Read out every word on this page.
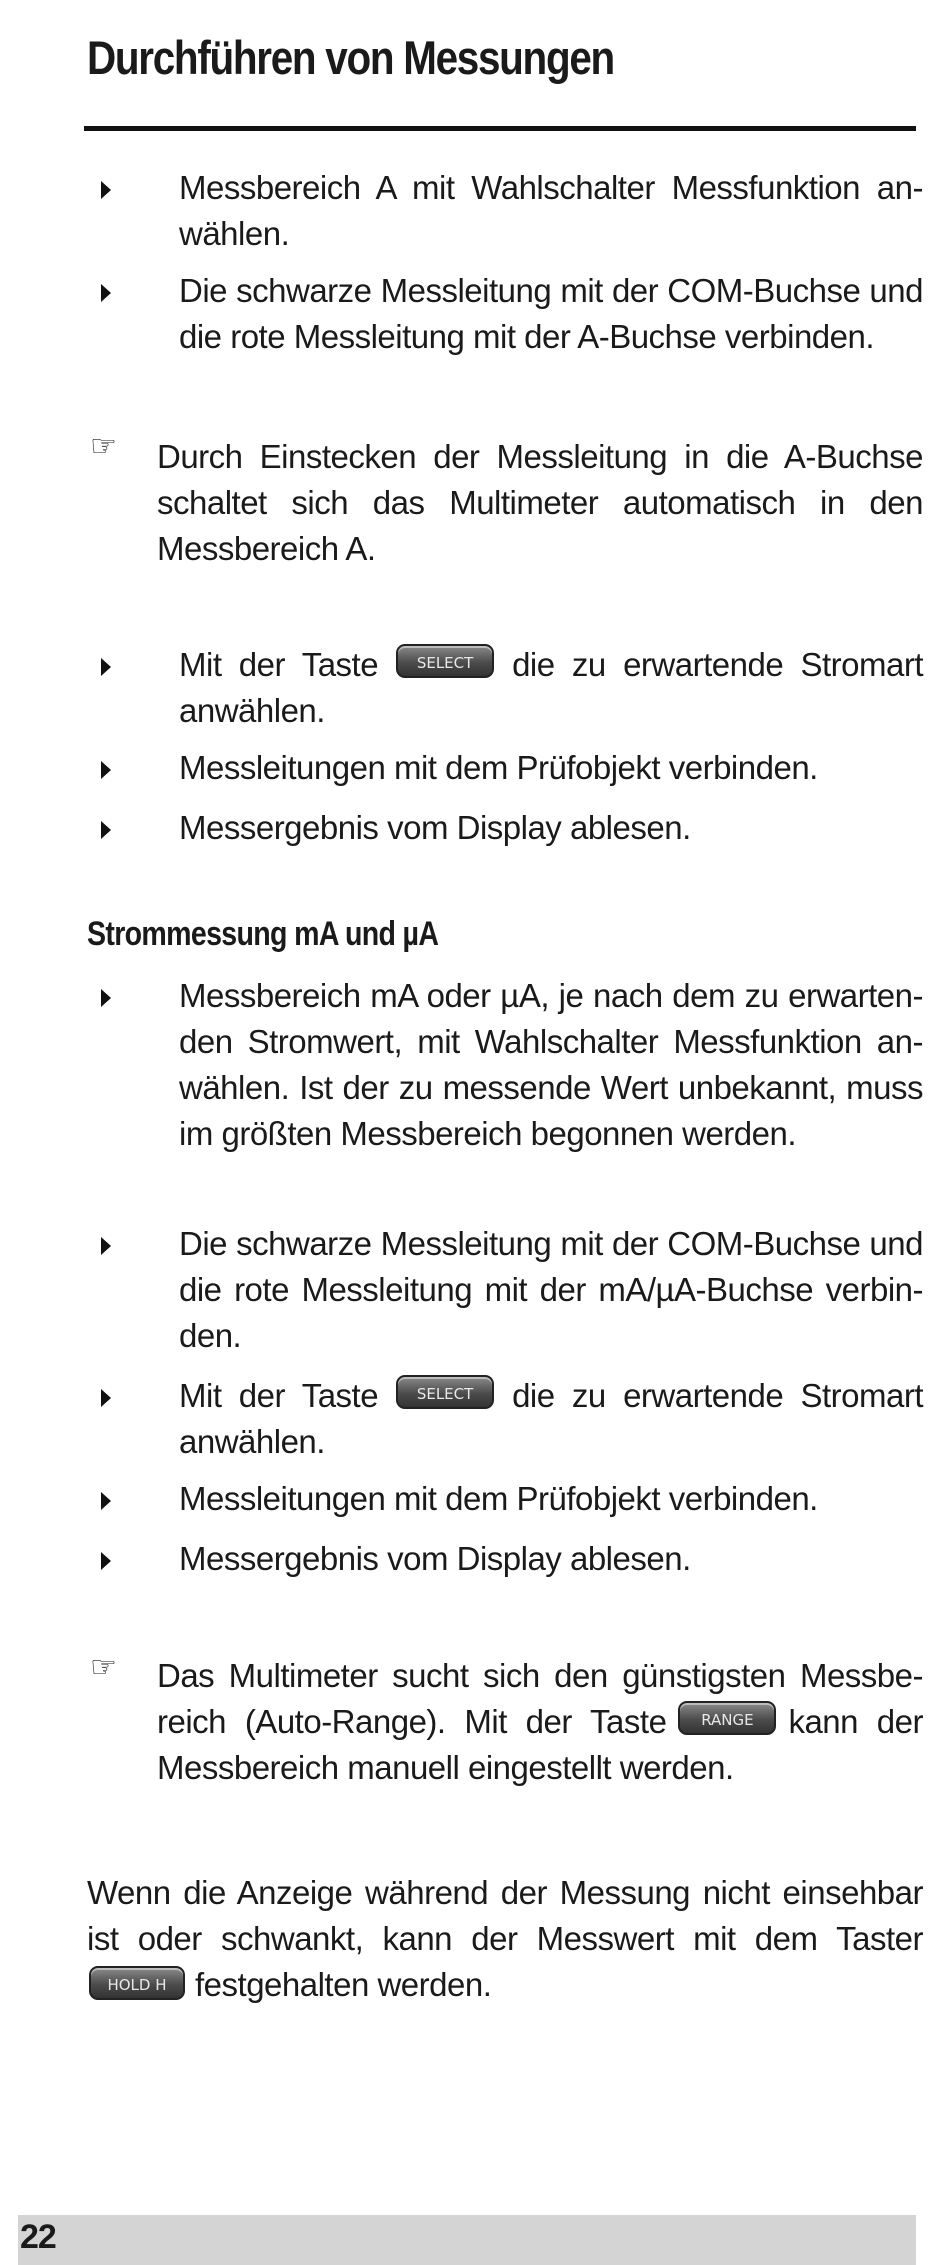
Durchführen von Messungen
Messbereich A mit Wahlschalter Messfunktion an-wählen.
Die schwarze Messleitung mit der COM-Buchse und die rote Messleitung mit der A-Buchse verbinden.
☞ Durch Einstecken der Messleitung in die A-Buchse schaltet sich das Multimeter automatisch in den Messbereich A.
Mit der Taste	SELECT die zu erwartende Stromart anwählen.
Messleitungen mit dem Prüfobjekt verbinden.
Messergebnis vom Display ablesen.
Strommessung mA und µA
Messbereich mA oder µA, je nach dem zu erwarten-den Stromwert, mit Wahlschalter Messfunktion an-wählen. Ist der zu messende Wert unbekannt, muss im größten Messbereich begonnen werden.
Die schwarze Messleitung mit der COM-Buchse und die rote Messleitung mit der mA/µA-Buchse verbin-den.
Mit der Taste	SELECT die zu erwartende Stromart anwählen.
Messleitungen mit dem Prüfobjekt verbinden.
Messergebnis vom Display ablesen.
☞ Das Multimeter sucht sich den günstigsten Messbe-reich (Auto-Range). Mit der Taste RANGE kann der Messbereich manuell eingestellt werden.
Wenn die Anzeige während der Messung nicht einsehbar ist oder schwankt, kann der Messwert mit dem Taster HOLD H festgehalten werden.
22
